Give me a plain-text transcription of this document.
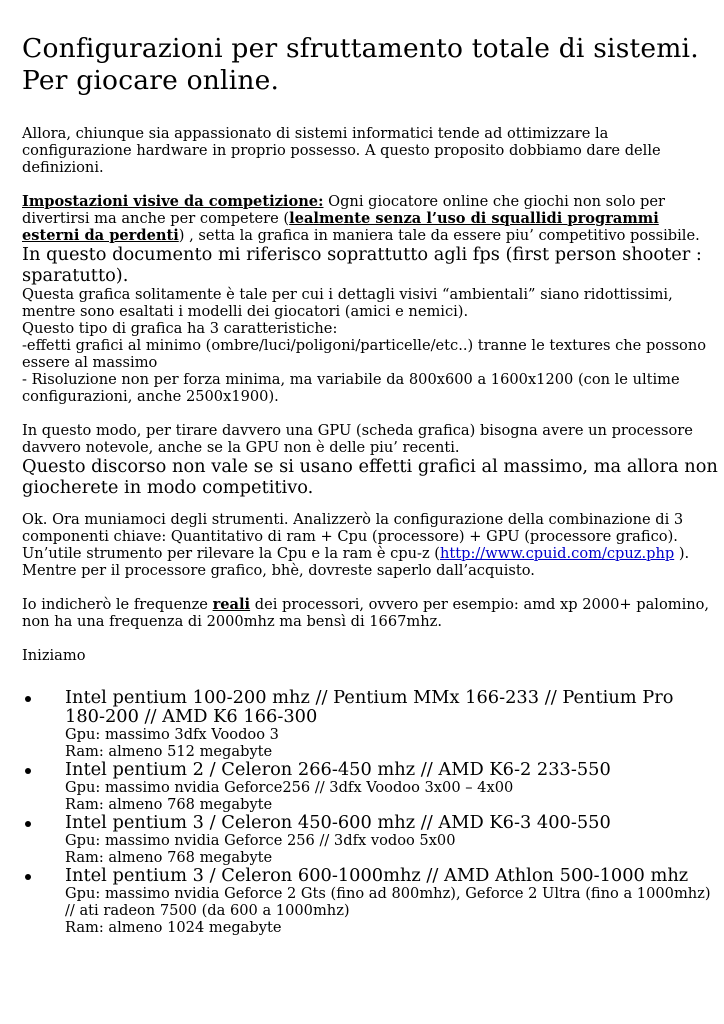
Configurazioni per sfruttamento totale di sistemi.
Per giocare online.

Allora, chiunque sia appassionato di sistemi informatici tende ad ottimizzare la configurazione hardware in proprio possesso. A questo proposito dobbiamo dare delle definizioni.

Impostazioni visive da competizione: Ogni giocatore online che giochi non solo per divertirsi ma anche per competere (lealmente senza l’uso di squallidi programmi esterni da perdenti) , setta la grafica in maniera tale da essere piu’ competitivo possibile.

In questo documento mi riferisco soprattutto agli fps (first person shooter : sparatutto).

Questa grafica solitamente è tale per cui i dettagli visivi “ambientali” siano ridottissimi, mentre sono esaltati i modelli dei giocatori (amici e nemici).

Questo tipo di grafica ha 3 caratteristiche:

-effetti grafici al minimo (ombre/luci/poligoni/particelle/etc..) tranne le textures che possono essere al massimo

- Risoluzione non per forza minima, ma variabile da 800x600 a 1600x1200 (con le ultime configurazioni, anche 2500x1900).

In questo modo, per tirare davvero una GPU (scheda grafica) bisogna avere un processore davvero notevole, anche se la GPU non è delle piu’ recenti.

Questo discorso non vale se si usano effetti grafici al massimo, ma allora non giocherete in modo competitivo.

Ok. Ora muniamoci degli strumenti. Analizzerò la configurazione della combinazione di 3 componenti chiave: Quantitativo di ram + Cpu (processore) + GPU (processore grafico). Un’utile strumento per rilevare la Cpu e la ram è cpu-z (http://www.cpuid.com/cpuz.php ).
Mentre per il processore grafico, bhè, dovreste saperlo dall’acquisto.

Io indicherò le frequenze reali dei processori, ovvero per esempio: amd xp 2000+ palomino, non ha una frequenza di 2000mhz ma bensì di 1667mhz.

Iniziamo

Intel pentium 100-200 mhz // Pentium MMx 166-233 // Pentium Pro 180-200 // AMD K6 166-300
Gpu: massimo 3dfx Voodoo 3
Ram: almeno 512 megabyte
Intel pentium 2 / Celeron 266-450 mhz // AMD K6-2 233-550
Gpu: massimo nvidia Geforce256 // 3dfx Voodoo 3x00 – 4x00
Ram: almeno 768 megabyte
Intel pentium 3 / Celeron 450-600 mhz // AMD K6-3 400-550
Gpu: massimo nvidia Geforce 256 // 3dfx vodoo 5x00
Ram: almeno 768 megabyte
Intel pentium 3 / Celeron 600-1000mhz // AMD Athlon 500-1000 mhz
Gpu: massimo nvidia Geforce 2 Gts (fino ad 800mhz), Geforce 2 Ultra (fino a 1000mhz) // ati radeon 7500 (da 600 a 1000mhz)
Ram: almeno 1024 megabyte
